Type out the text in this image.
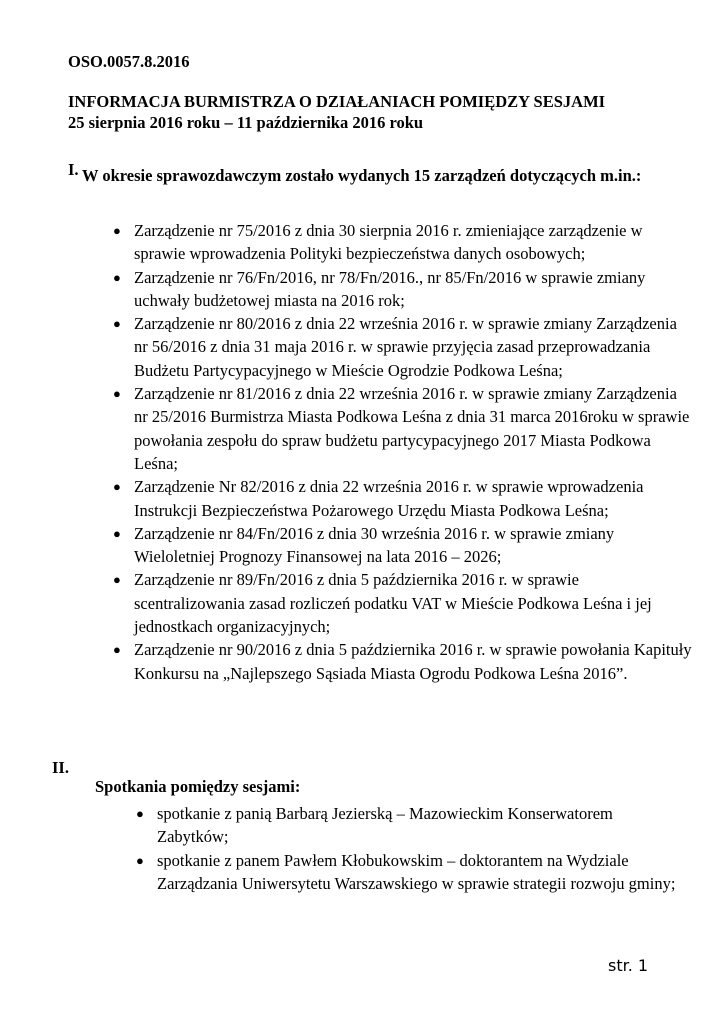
OSO.0057.8.2016
INFORMACJA BURMISTRZA O DZIAŁANIACH POMIĘDZY SESJAMI
25 sierpnia 2016 roku – 11 października 2016 roku
I. W okresie sprawozdawczym zostało wydanych 15 zarządzeń dotyczących m.in.:
● Zarządzenie nr 75/2016 z dnia 30 sierpnia 2016 r. zmieniające zarządzenie w sprawie wprowadzenia Polityki bezpieczeństwa danych osobowych;
● Zarządzenie nr 76/Fn/2016, nr 78/Fn/2016., nr 85/Fn/2016 w sprawie zmiany uchwały budżetowej miasta na 2016 rok;
● Zarządzenie nr 80/2016 z dnia 22 września 2016 r. w sprawie zmiany Zarządzenia nr 56/2016 z dnia 31 maja 2016 r. w sprawie przyjęcia zasad przeprowadzania Budżetu Partycypacyjnego w Mieście Ogrodzie Podkowa Leśna;
● Zarządzenie nr 81/2016 z dnia 22 września 2016 r. w sprawie zmiany Zarządzenia nr 25/2016 Burmistrza Miasta Podkowa Leśna z dnia 31 marca 2016roku w sprawie powołania zespołu do spraw budżetu partycypacyjnego 2017 Miasta Podkowa Leśna;
● Zarządzenie Nr 82/2016 z dnia 22 września 2016 r. w sprawie wprowadzenia Instrukcji Bezpieczeństwa Pożarowego Urzędu Miasta Podkowa Leśna;
● Zarządzenie nr 84/Fn/2016 z dnia 30 września 2016 r. w sprawie zmiany Wieloletniej Prognozy Finansowej na lata 2016 – 2026;
● Zarządzenie nr 89/Fn/2016 z dnia 5 października 2016 r. w sprawie scentralizowania zasad rozliczeń podatku VAT w Mieście Podkowa Leśna i jej jednostkach organizacyjnych;
● Zarządzenie nr 90/2016 z dnia 5 października 2016 r. w sprawie powołania Kapituły Konkursu na „Najlepszego Sąsiada Miasta Ogrodu Podkowa Leśna 2016”.
II.
Spotkania pomiędzy sesjami:
● spotkanie z panią Barbarą Jezierską – Mazowieckim Konserwatorem Zabytków;
● spotkanie z panem Pawłem Kłobukowskim – doktorantem na Wydziale Zarządzania Uniwersytetu Warszawskiego w sprawie strategii rozwoju gminy;
str. 1
